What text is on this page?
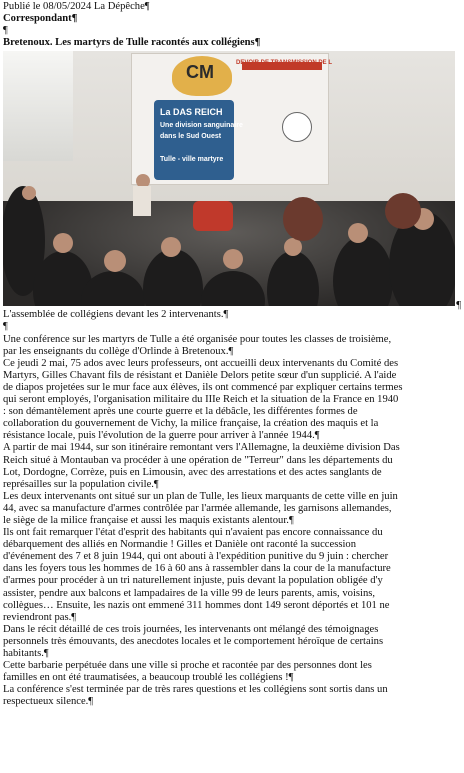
Publié le 08/05/2024 La Dépêche¶
Correspondant¶
¶
Bretenoux. Les martyrs de Tulle racontés aux collégiens¶
CM	DEVOIR DE TRANSMISSION DE L
La DAS REICH
Une division sanguinaire
dans le Sud Ouest
Tulle - ville martyre
¶
L'assemblée de collégiens devant les 2 intervenants.¶
¶
Une conférence sur les martyrs de Tulle a été organisée pour toutes les classes de troisième,
par les enseignants du collège d'Orlinde à Bretenoux.¶
Ce jeudi 2 mai, 75 ados avec leurs professeurs, ont accueilli deux intervenants du Comité des
Martyrs, Gilles Chavant fils de résistant et Danièle Delors petite sœur d'un supplicié. A l'aide
de diapos projetées sur le mur face aux élèves, ils ont commencé par expliquer certains termes
qui seront employés, l'organisation militaire du IIIe Reich et la situation de la France en 1940
: son démantèlement après une courte guerre et la débâcle, les différentes formes de
collaboration du gouvernement de Vichy, la milice française, la création des maquis et la
résistance locale, puis l'évolution de la guerre pour arriver à l'année 1944.¶
A partir de mai 1944, sur son itinéraire remontant vers l'Allemagne, la deuxième division Das
Reich situé à Montauban va procéder à une opération de "Terreur" dans les départements du
Lot, Dordogne, Corrèze, puis en Limousin, avec des arrestations et des actes sanglants de
représailles sur la population civile.¶
Les deux intervenants ont situé sur un plan de Tulle, les lieux marquants de cette ville en juin
44, avec sa manufacture d'armes contrôlée par l'armée allemande, les garnisons allemandes,
le siège de la milice française et aussi les maquis existants alentour.¶
Ils ont fait remarquer l'état d'esprit des habitants qui n'avaient pas encore connaissance du
débarquement des alliés en Normandie ! Gilles et Danièle ont raconté la succession
d'événement des 7 et 8 juin 1944, qui ont abouti à l'expédition punitive du 9 juin : chercher
dans les foyers tous les hommes de 16 à 60 ans à rassembler dans la cour de la manufacture
d'armes pour procéder à un tri naturellement injuste, puis devant la population obligée d'y
assister, pendre aux balcons et lampadaires de la ville 99 de leurs parents, amis, voisins,
collègues… Ensuite, les nazis ont emmené 311 hommes dont 149 seront déportés et 101 ne
reviendront pas.¶
Dans le récit détaillé de ces trois journées, les intervenants ont mélangé des témoignages
personnels très émouvants, des anecdotes locales et le comportement héroïque de certains
habitants.¶
Cette barbarie perpétuée dans une ville si proche et racontée par des personnes dont les
familles en ont été traumatisées, a beaucoup troublé les collégiens !¶
La conférence s'est terminée par de très rares questions et les collégiens sont sortis dans un
respectueux silence.¶
